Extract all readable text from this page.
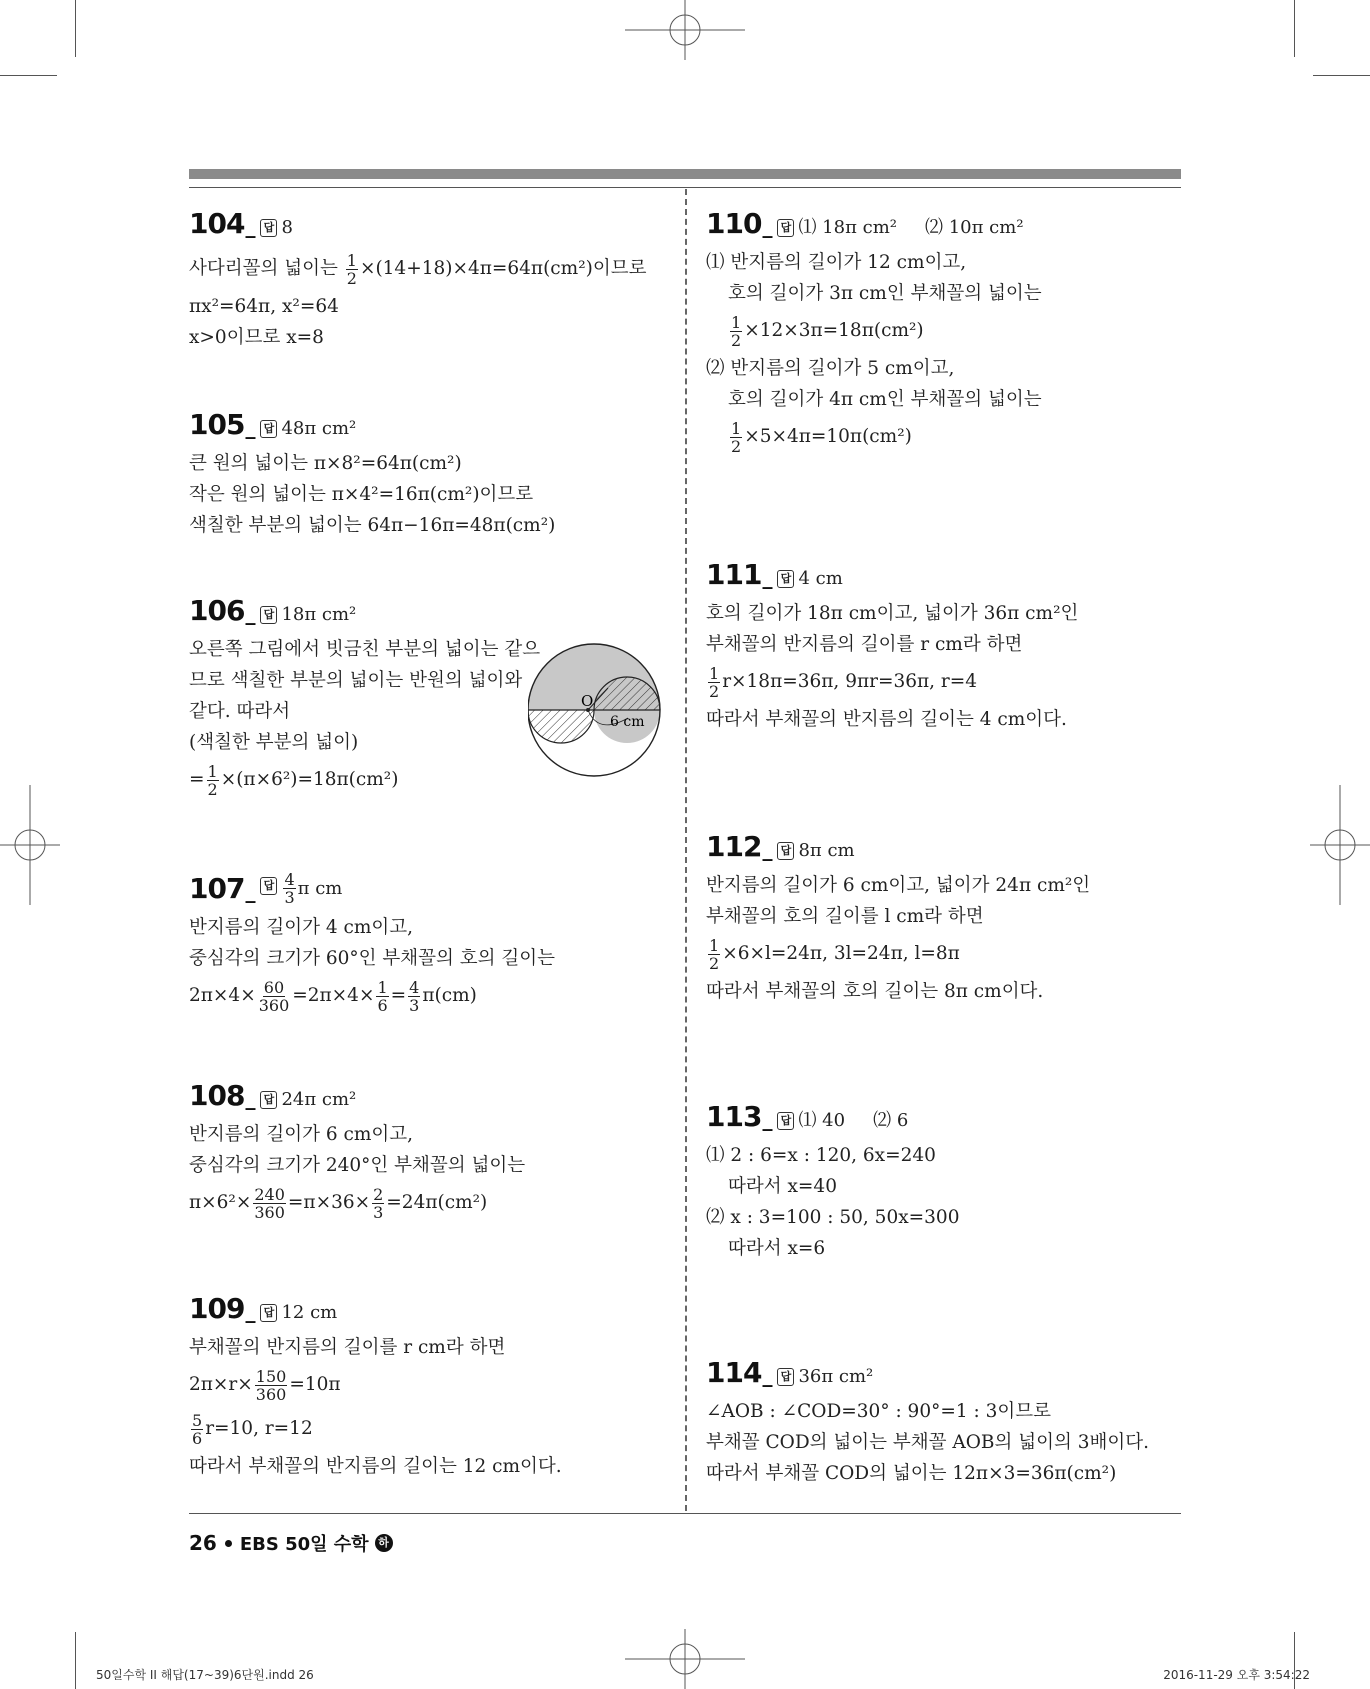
104 _	답 8
사다리꼴의 넓이는 $\frac{1}{2} \times(14+18)\times 4\pi=64\pi(cm^2)$이므로
πx²=64π, x²=64
x>0이므로 x=8
105 _	답 48π cm²
큰 원의 넓이는 π×8²=64π(cm²)
작은 원의 넓이는 π×4²=16π(cm²)이므로
색칠한 부분의 넓이는 64π−16π=48π(cm²)
106 _	답 18π cm²
오른쪽 그림에서 빗금친 부분의 넓이는 같으
므로 색칠한 부분의 넓이는 반원의 넓이와
같다. 따라서
(색칠한 부분의 넓이)
= $\frac{1}{2} \times(\pi\times 6^2)=18\pi(cm^2)$
O
6 cm
107 _	답 $\frac{4}{3}$ π cm
반지름의 길이가 4 cm이고,
중심각의 크기가 60°인 부채꼴의 호의 길이는
$2\pi\times 4\times \frac{60}{360} =2\pi\times 4\times \frac{1}{6} = \frac{4}{3} \pi(cm)$
108 _	답 24π cm²
반지름의 길이가 6 cm이고,
중심각의 크기가 240°인 부채꼴의 넓이는
$\pi\times 6^2\times \frac{240}{360} =\pi\times 36\times \frac{2}{3} =24\pi(cm^2)$
109 _	답 12 cm
부채꼴의 반지름의 길이를 r cm라 하면
$2\pi\times r\times \frac{150}{360} =10\pi$
$\frac{5}{6} r=10$, r=12
따라서 부채꼴의 반지름의 길이는 12 cm이다.
110 _	답 ⑴ 18π cm² ⑵ 10π cm²
⑴ 반지름의 길이가 12 cm이고,
호의 길이가 3π cm인 부채꼴의 넓이는
$\frac{1}{2} \times 12\times 3\pi=18\pi(cm^2)$
⑵ 반지름의 길이가 5 cm이고,
호의 길이가 4π cm인 부채꼴의 넓이는
$\frac{1}{2} \times 5\times 4\pi=10\pi(cm^2)$
111 _	답 4 cm
호의 길이가 18π cm이고, 넓이가 36π cm²인
부채꼴의 반지름의 길이를 r cm라 하면
$\frac{1}{2} r\times 18\pi=36\pi$, 9πr=36π, r=4
따라서 부채꼴의 반지름의 길이는 4 cm이다.
112 _	답 8π cm
반지름의 길이가 6 cm이고, 넓이가 24π cm²인
부채꼴의 호의 길이를 l cm라 하면
$\frac{1}{2} \times 6\times l=24\pi$, 3l=24π, l=8π
따라서 부채꼴의 호의 길이는 8π cm이다.
113 _	답 ⑴ 40 ⑵ 6
⑴ 2 : 6=x : 120, 6x=240
따라서 x=40
⑵ x : 3=100 : 50, 50x=300
따라서 x=6
114 _	답 36π cm²
∠AOB : ∠COD=30° : 90°=1 : 3이므로
부채꼴 COD의 넓이는 부채꼴 AOB의 넓이의 3배이다.
따라서 부채꼴 COD의 넓이는 12π×3=36π(cm²)
26 EBS 50일 수학 하
50일수학 II 해답(17~39)6단원.indd 26	2016-11-29 오후 3:54:22
